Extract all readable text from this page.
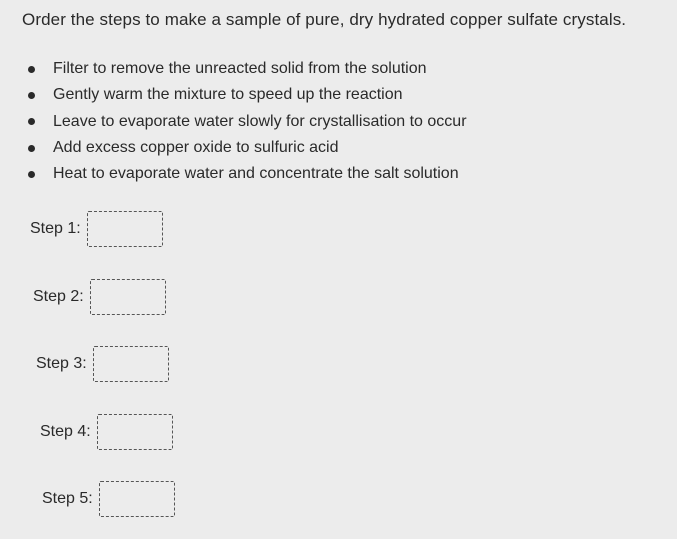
Order the steps to make a sample of pure, dry hydrated copper sulfate crystals.
Filter to remove the unreacted solid from the solution
Gently warm the mixture to speed up the reaction
Leave to evaporate water slowly for crystallisation to occur
Add excess copper oxide to sulfuric acid
Heat to evaporate water and concentrate the salt solution
Step 1:
Step 2:
Step 3:
Step 4:
Step 5:
